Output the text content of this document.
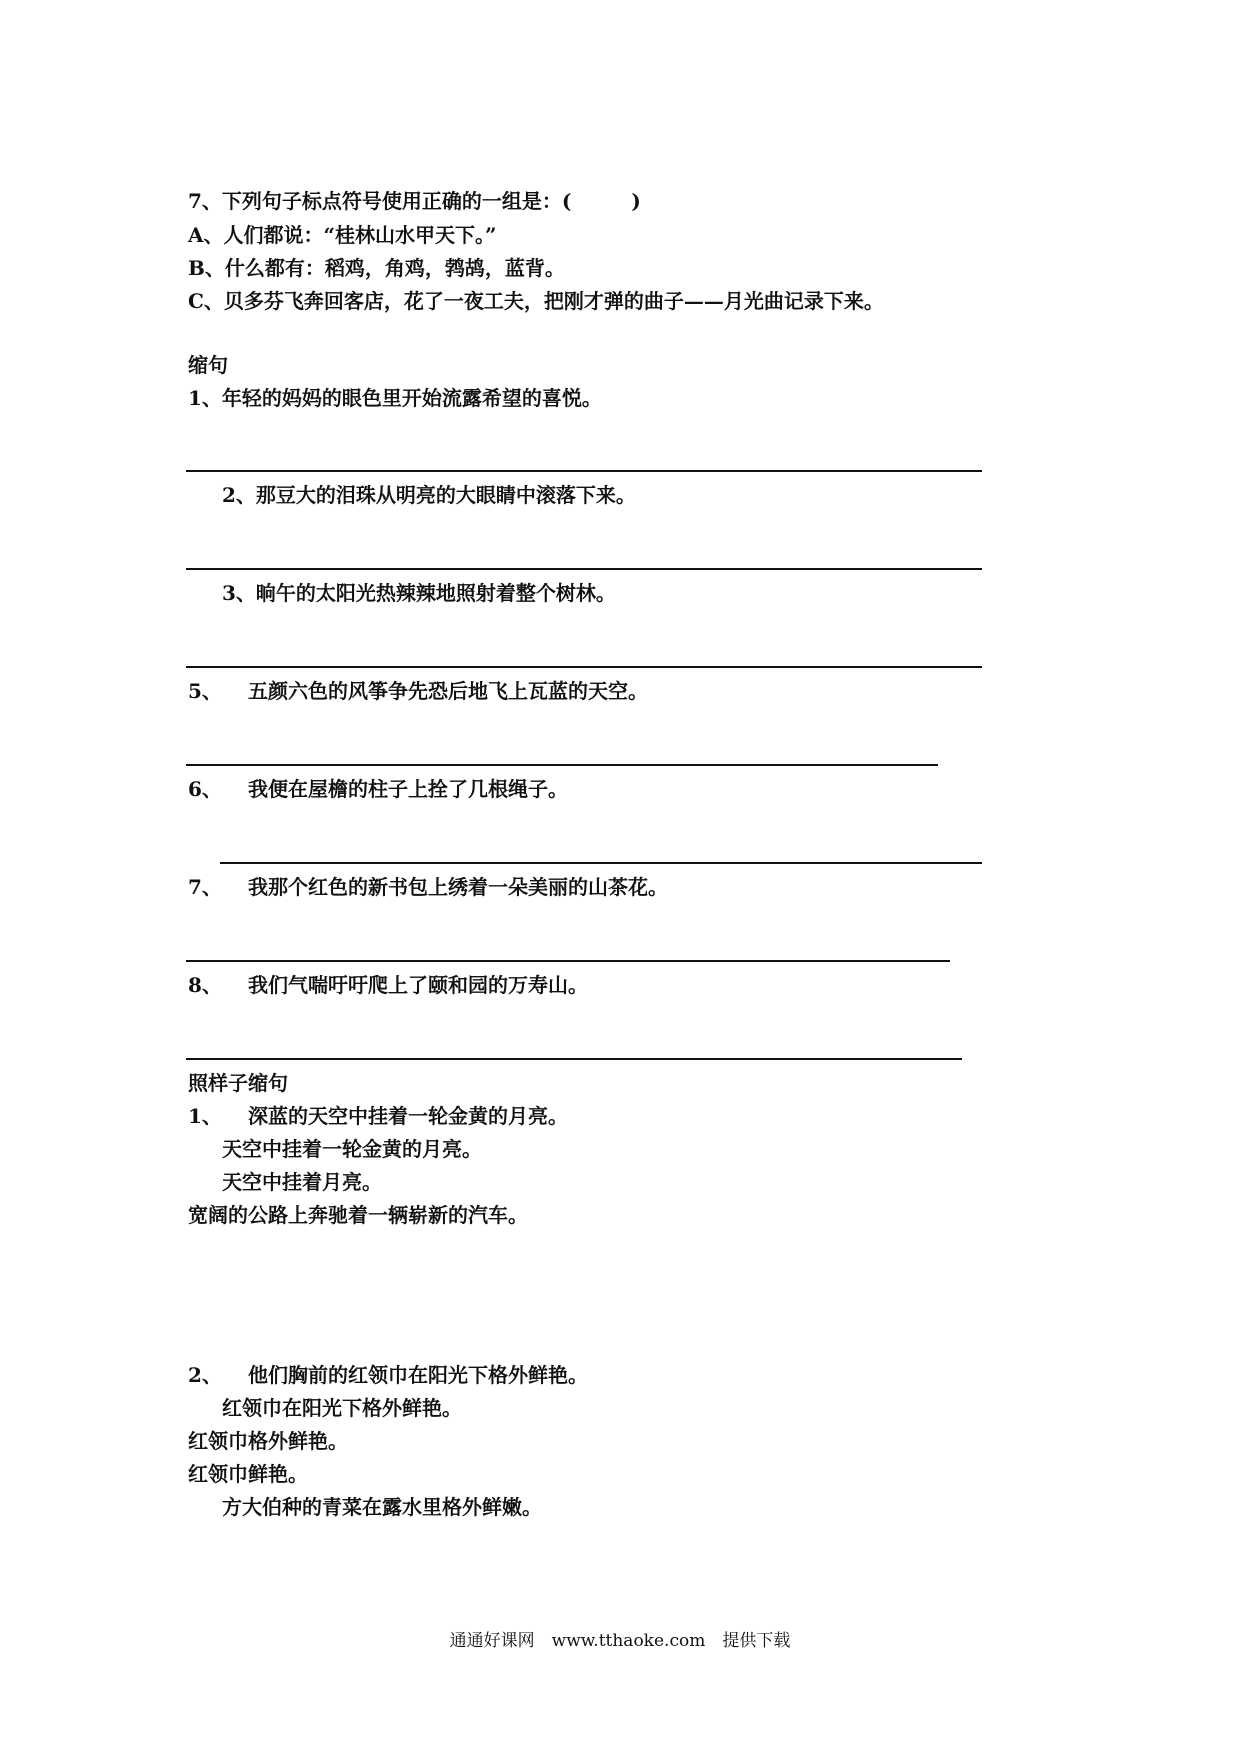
7、下列句子标点符号使用正确的一组是：(　　　)
A、人们都说：“桂林山水甲天下。”
B、什么都有：稻鸡，角鸡，鹁鸪，蓝背。
C、贝多芬飞奔回客店，花了一夜工夫，把刚才弹的曲子——月光曲记录下来。
缩句
1、年轻的妈妈的眼色里开始流露希望的喜悦。
2、那豆大的泪珠从明亮的大眼睛中滚落下来。
3、晌午的太阳光热辣辣地照射着整个树林。
5、 五颜六色的风筝争先恐后地飞上瓦蓝的天空。
6、 我便在屋檐的柱子上拴了几根绳子。
7、 我那个红色的新书包上绣着一朵美丽的山茶花。
8、 我们气喘吁吁爬上了颐和园的万寿山。
照样子缩句
1、 深蓝的天空中挂着一轮金黄的月亮。
天空中挂着一轮金黄的月亮。
天空中挂着月亮。
宽阔的公路上奔驰着一辆崭新的汽车。
2、 他们胸前的红领巾在阳光下格外鲜艳。
红领巾在阳光下格外鲜艳。
红领巾格外鲜艳。
红领巾鲜艳。
方大伯种的青菜在露水里格外鲜嫩。
通通好课网　www.tthaoke.com　提供下载
